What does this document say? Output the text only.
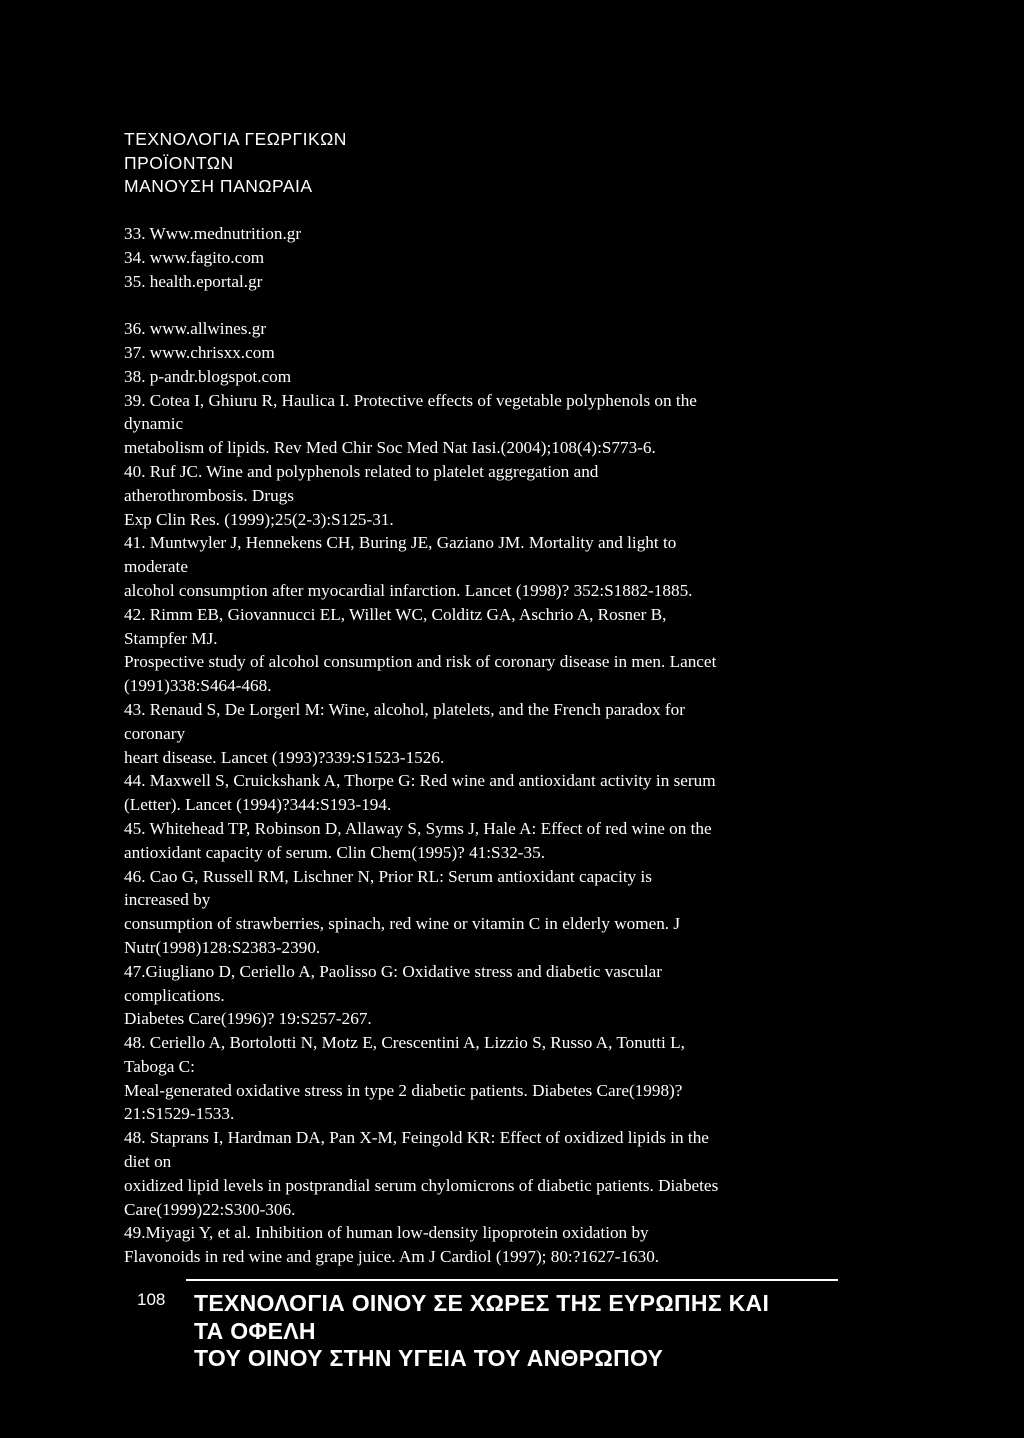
ΤΕΧΝΟΛΟΓΙΑ ΓΕΩΡΓΙΚΩΝ
ΠΡΟΪΟΝΤΩΝ
ΜΑΝΟΥΣΗ ΠΑΝΩΡΑΙΑ
33. Www.mednutrition.gr
34. www.fagito.com
35. health.eportal.gr
36. www.allwines.gr
37. www.chrisxx.com
38. p-andr.blogspot.com
39. Cotea I, Ghiuru R, Haulica I. Protective effects of vegetable polyphenols on the
dynamic
metabolism of lipids. Rev Med Chir Soc Med Nat Iasi.(2004);108(4):S773-6.
40. Ruf JC. Wine and polyphenols related to platelet aggregation and
atherothrombosis. Drugs
Exp Clin Res. (1999);25(2-3):S125-31.
41. Muntwyler J, Hennekens CH, Buring JE, Gaziano JM. Mortality and light to
moderate
alcohol consumption after myocardial infarction. Lancet (1998)? 352:S1882-1885.
42. Rimm EB, Giovannucci EL, Willet WC, Colditz GA, Aschrio A, Rosner B,
Stampfer MJ.
Prospective study of alcohol consumption and risk of coronary disease in men. Lancet
(1991)338:S464-468.
43. Renaud S, De Lorgerl M: Wine, alcohol, platelets, and the French paradox for
coronary
heart disease. Lancet (1993)?339:S1523-1526.
44. Maxwell S, Cruickshank A, Thorpe G: Red wine and antioxidant activity in serum
(Letter). Lancet (1994)?344:S193-194.
45. Whitehead TP, Robinson D, Allaway S, Syms J, Hale A: Effect of red wine on the
antioxidant capacity of serum. Clin Chem(1995)? 41:S32-35.
46. Cao G, Russell RM, Lischner N, Prior RL: Serum antioxidant capacity is
increased by
consumption of strawberries, spinach, red wine or vitamin C in elderly women. J
Nutr(1998)128:S2383-2390.
47.Giugliano D, Ceriello A, Paolisso G: Oxidative stress and diabetic vascular
complications.
Diabetes Care(1996)? 19:S257-267.
48. Ceriello A, Bortolotti N, Motz E, Crescentini A, Lizzio S, Russo A, Tonutti L,
Taboga C:
Meal-generated oxidative stress in type 2 diabetic patients. Diabetes Care(1998)?
21:S1529-1533.
48. Staprans I, Hardman DA, Pan X-M, Feingold KR: Effect of oxidized lipids in the
diet on
oxidized lipid levels in postprandial serum chylomicrons of diabetic patients. Diabetes
Care(1999)22:S300-306.
49.Miyagi Y, et al. Inhibition of human low-density lipoprotein oxidation by
Flavonoids in red wine and grape juice. Am J Cardiol (1997); 80:?1627-1630.
108 ΤΕΧΝΟΛΟΓΙΑ ΟΙΝΟΥ ΣΕ ΧΩΡΕΣ ΤΗΣ ΕΥΡΩΠΗΣ ΚΑΙ
ΤΑ ΟΦΕΛΗ
ΤΟΥ ΟΙΝΟΥ ΣΤΗΝ ΥΓΕΙΑ ΤΟΥ ΑΝΘΡΩΠΟΥ
